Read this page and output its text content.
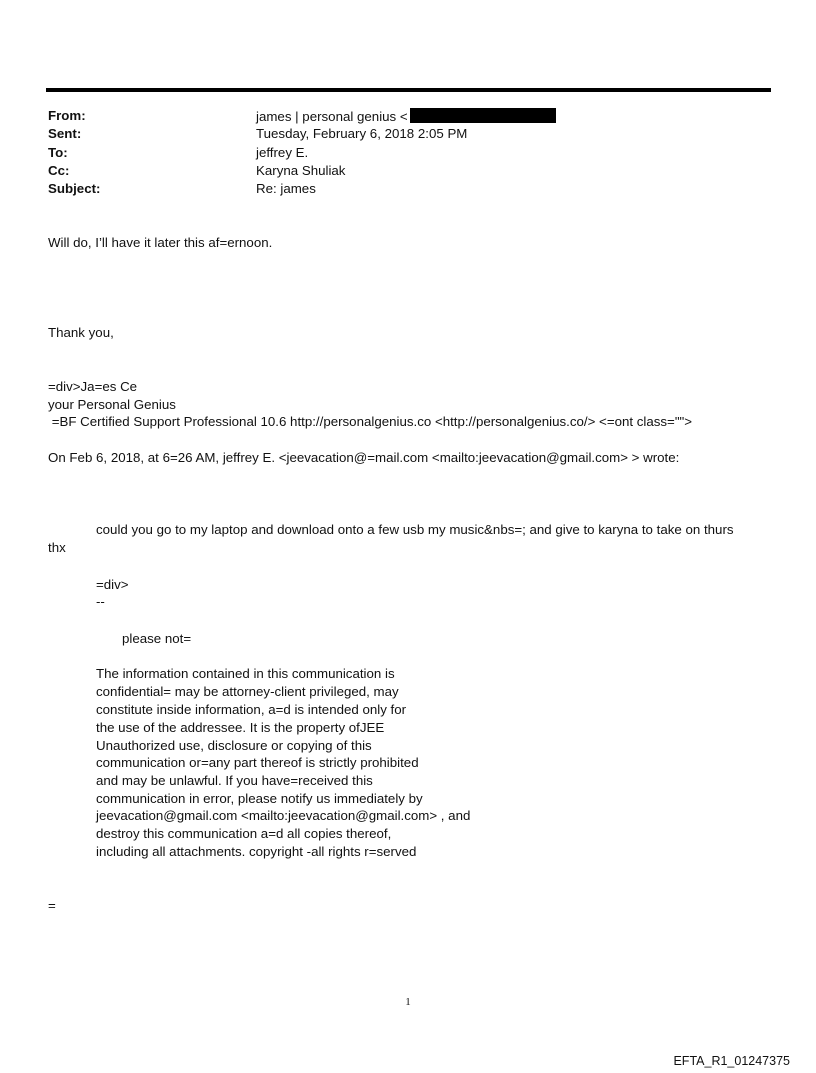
From:	james | personal genius <
Sent:	Tuesday, February 6, 2018 2:05 PM
To:	jeffrey E.
Cc:	Karyna Shuliak
Subject:	Re: james
Will do, I’ll have it later this af=ernoon.
Thank you,
=div>Ja=es Ce
your Personal Genius
=BF Certified Support Professional 10.6 http://personalgenius.co <http://personalgenius.co/> <=ont class="">
On Feb 6, 2018, at 6=26 AM, jeffrey E. <jeevacation@=mail.com <mailto:jeevacation@gmail.com> > wrote:
could you go to my laptop and download onto a few usb my music&nbs=; and give to karyna to take on thurs
thx
=div>
--
please not=
The information contained in this communication is
confidential= may be attorney-client privileged, may
constitute inside information, a=d is intended only for
the use of the addressee. It is the property ofJEE
Unauthorized use, disclosure or copying of this
communication or=any part thereof is strictly prohibited
and may be unlawful. If you have=received this
communication in error, please notify us immediately by
jeevacation@gmail.com <mailto:jeevacation@gmail.com> , and
destroy this communication a=d all copies thereof,
including all attachments. copyright -all rights r=served
=
1
EFTA_R1_01247375
